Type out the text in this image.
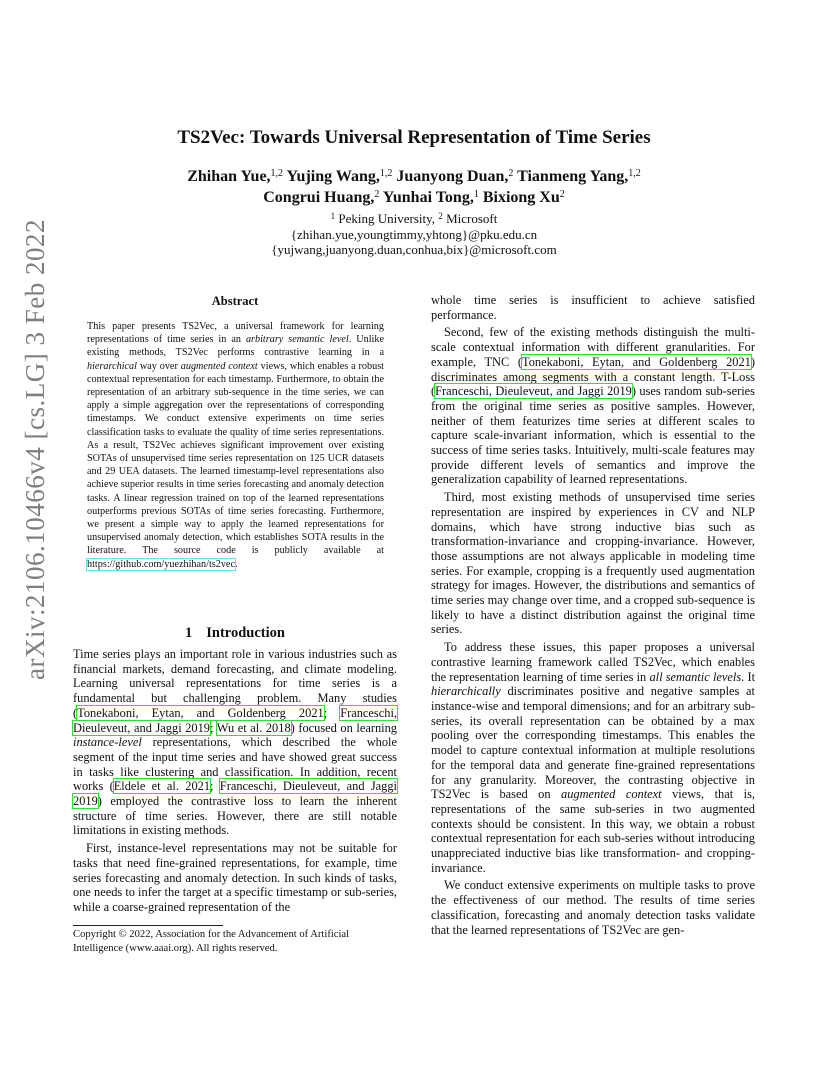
arXiv:2106.10466v4 [cs.LG] 3 Feb 2022
TS2Vec: Towards Universal Representation of Time Series
Zhihan Yue,$^{1,2}$ Yujing Wang,$^{1,2}$ Juanyong Duan,$^2$ Tianmeng Yang,$^{1,2}$
Congrui Huang,$^2$ Yunhai Tong,$^1$ Bixiong Xu$^2$
$^1$ Peking University, $^2$ Microsoft
{zhihan.yue,youngtimmy,yhtong}@pku.edu.cn
{yujwang,juanyong.duan,conhua,bix}@microsoft.com
Abstract
This paper presents TS2Vec, a universal framework for learning representations of time series in an arbitrary semantic level. Unlike existing methods, TS2Vec performs contrastive learning in a hierarchical way over augmented context views, which enables a robust contextual representation for each timestamp. Furthermore, to obtain the representation of an arbitrary sub-sequence in the time series, we can apply a simple aggregation over the representations of corresponding timestamps. We conduct extensive experiments on time series classification tasks to evaluate the quality of time series representations. As a result, TS2Vec achieves significant improvement over existing SOTAs of unsupervised time series representation on 125 UCR datasets and 29 UEA datasets. The learned timestamp-level representations also achieve superior results in time series forecasting and anomaly detection tasks. A linear regression trained on top of the learned representations outperforms previous SOTAs of time series forecasting. Furthermore, we present a simple way to apply the learned representations for unsupervised anomaly detection, which establishes SOTA results in the literature. The source code is publicly available at https://github.com/yuezhihan/ts2vec.
1 Introduction

Time series plays an important role in various industries such as financial markets, demand forecasting, and climate modeling. Learning universal representations for time series is a fundamental but challenging problem. Many studies (Tonekaboni, Eytan, and Goldenberg 2021; Franceschi, Dieuleveut, and Jaggi 2019; Wu et al. 2018) focused on learning instance-level representations, which described the whole segment of the input time series and have showed great success in tasks like clustering and classification. In addition, recent works (Eldele et al. 2021; Franceschi, Dieuleveut, and Jaggi 2019) employed the contrastive loss to learn the inherent structure of time series. However, there are still notable limitations in existing methods.

First, instance-level representations may not be suitable for tasks that need fine-grained representations, for example, time series forecasting and anomaly detection. In such kinds of tasks, one needs to infer the target at a specific timestamp or sub-series, while a coarse-grained representation of the

Copyright © 2022, Association for the Advancement of Artificial Intelligence (www.aaai.org). All rights reserved.

whole time series is insufficient to achieve satisfied performance.

Second, few of the existing methods distinguish the multi-scale contextual information with different granularities. For example, TNC (Tonekaboni, Eytan, and Goldenberg 2021) discriminates among segments with a constant length. T-Loss (Franceschi, Dieuleveut, and Jaggi 2019) uses random sub-series from the original time series as positive samples. However, neither of them featurizes time series at different scales to capture scale-invariant information, which is essential to the success of time series tasks. Intuitively, multi-scale features may provide different levels of semantics and improve the generalization capability of learned representations.

Third, most existing methods of unsupervised time series representation are inspired by experiences in CV and NLP domains, which have strong inductive bias such as transformation-invariance and cropping-invariance. However, those assumptions are not always applicable in modeling time series. For example, cropping is a frequently used augmentation strategy for images. However, the distributions and semantics of time series may change over time, and a cropped sub-sequence is likely to have a distinct distribution against the original time series.

To address these issues, this paper proposes a universal contrastive learning framework called TS2Vec, which enables the representation learning of time series in all semantic levels. It hierarchically discriminates positive and negative samples at instance-wise and temporal dimensions; and for an arbitrary sub-series, its overall representation can be obtained by a max pooling over the corresponding timestamps. This enables the model to capture contextual information at multiple resolutions for the temporal data and generate fine-grained representations for any granularity. Moreover, the contrasting objective in TS2Vec is based on augmented context views, that is, representations of the same sub-series in two augmented contexts should be consistent. In this way, we obtain a robust contextual representation for each sub-series without introducing unappreciated inductive bias like transformation- and cropping-invariance.

We conduct extensive experiments on multiple tasks to prove the effectiveness of our method. The results of time series classification, forecasting and anomaly detection tasks validate that the learned representations of TS2Vec are gen-
